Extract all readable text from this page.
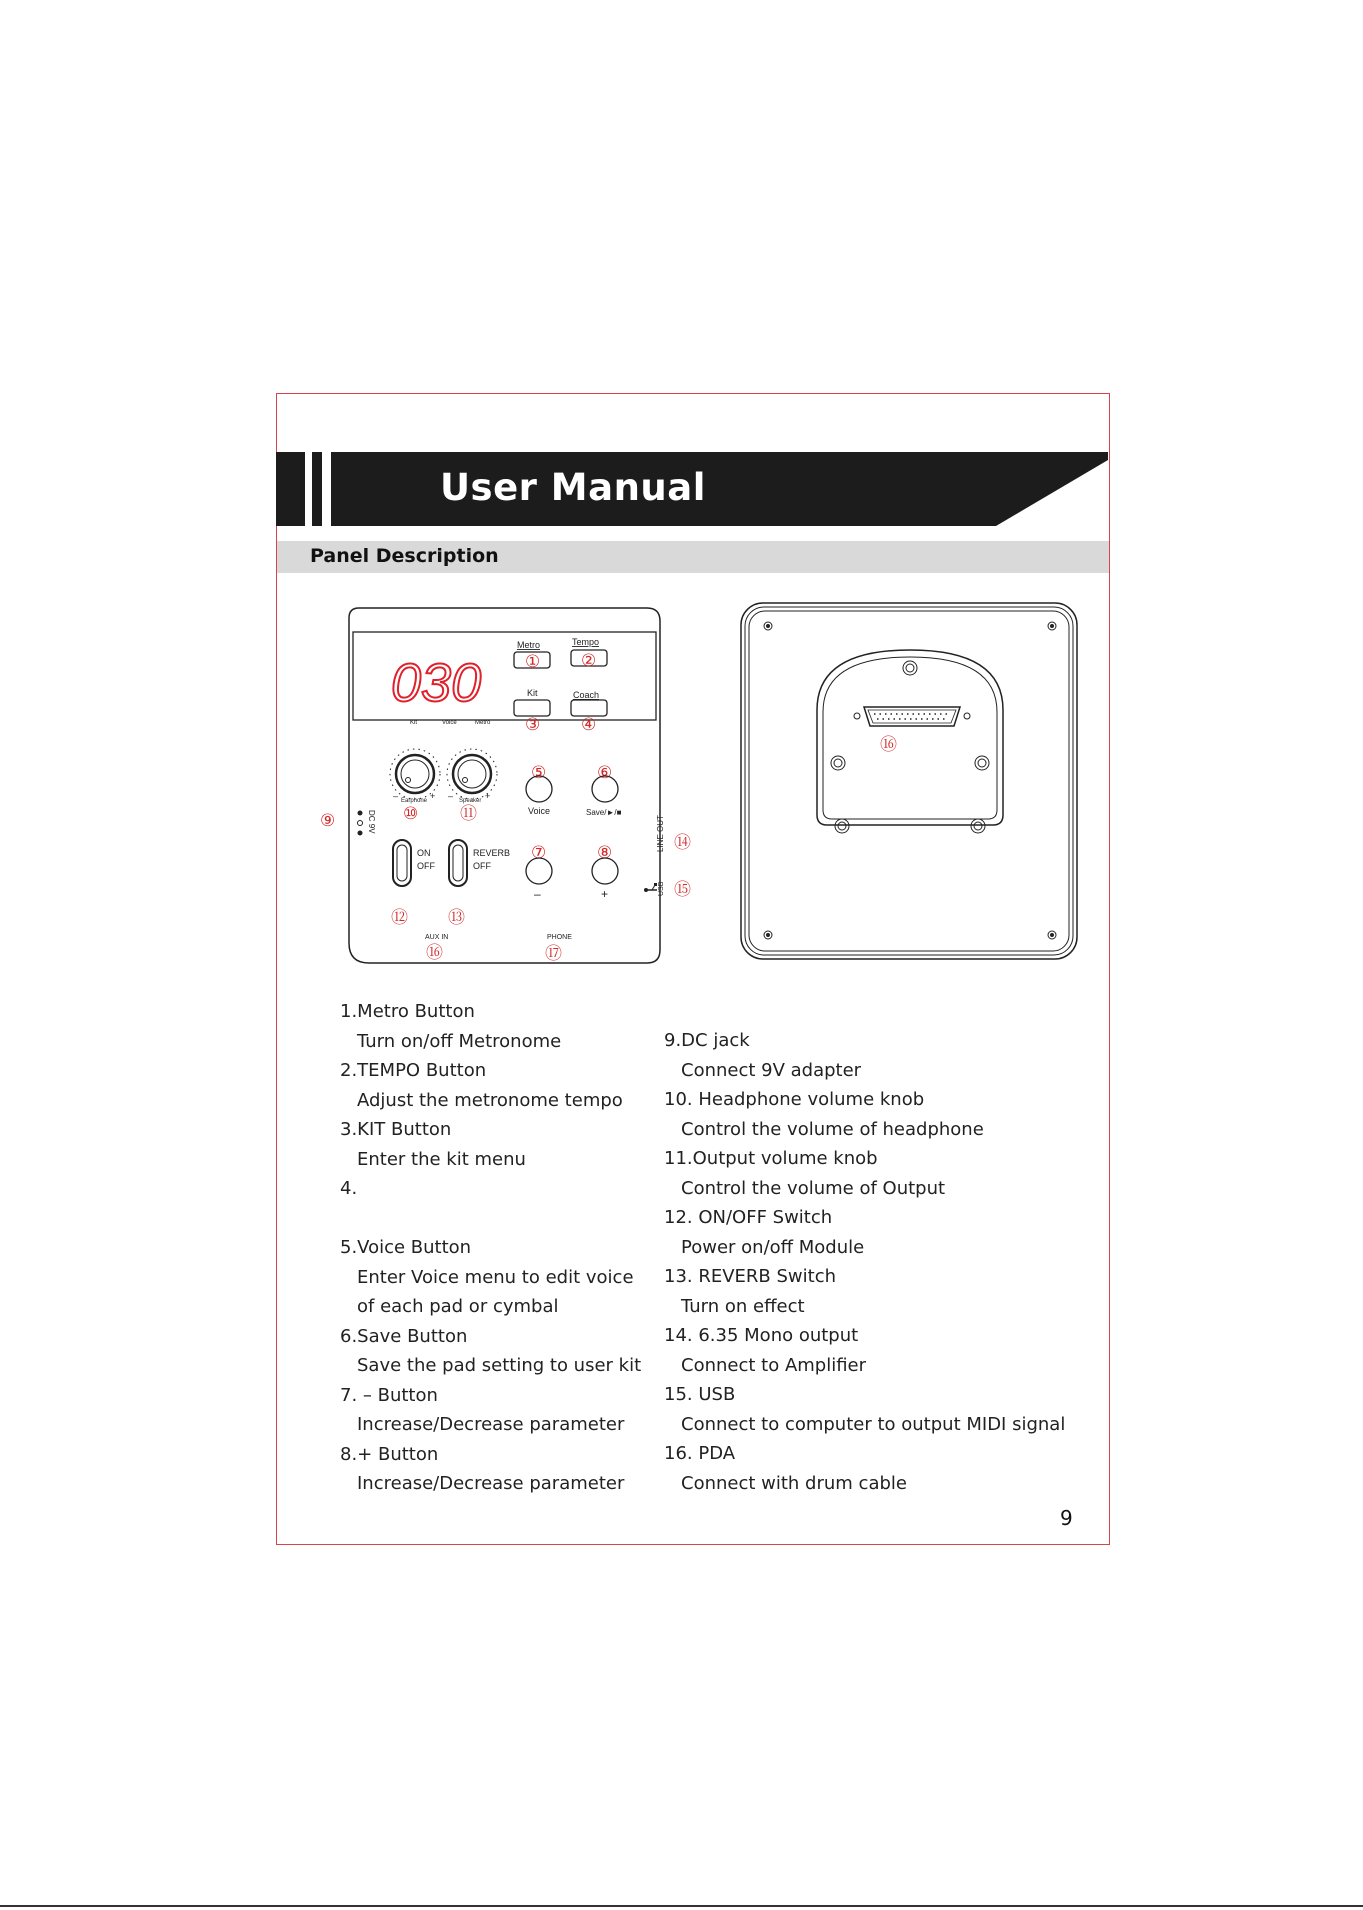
User Manual
Panel Description
030
Kit	Voice	Metro
Metro	Tempo
Kit	Coach
① ②
③ ④
– Earphone + – Speaker +
⑩ ⑪
⑤
Voice
⑥
Save/►/■
⑨	DC 9V
ON
OFF
REVERB
OFF
⑫ ⑬
⑦
–
⑧
+
LINE OUT ⑭
USB ⑮
AUX IN
⑯
PHONE
⑰
⑯
1.Metro Button
Turn on/off Metronome
2.TEMPO Button
Adjust the metronome tempo
3.KIT Button
Enter the kit menu
4.

5.Voice Button
Enter Voice menu to edit voice
of each pad or cymbal
6.Save Button
Save the pad setting to user kit
7. – Button
Increase/Decrease parameter
8.+ Button
Increase/Decrease parameter
9.DC jack
Connect 9V adapter
10. Headphone volume knob
Control the volume of headphone
11.Output volume knob
Control the volume of Output
12. ON/OFF Switch
Power on/off Module
13. REVERB Switch
Turn on effect
14. 6.35 Mono output
Connect to Amplifier
15. USB
Connect to computer to output MIDI signal
16. PDA
Connect with drum cable
9
